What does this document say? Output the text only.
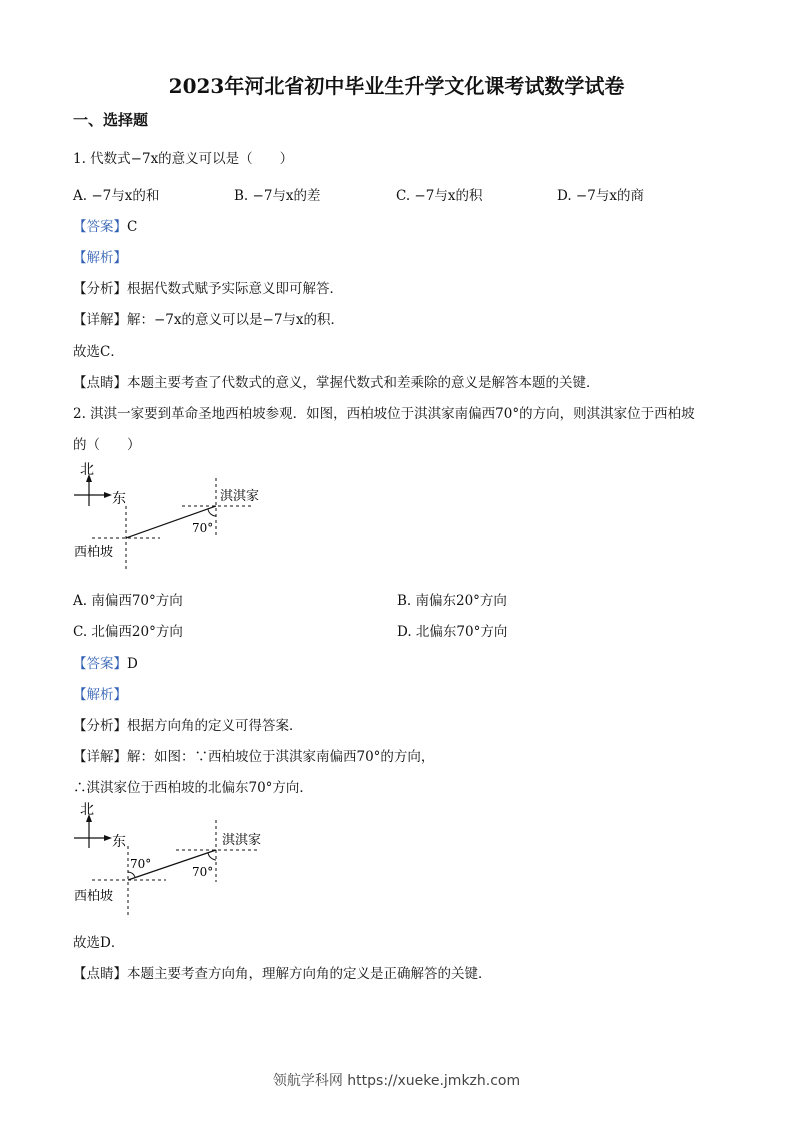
2023年河北省初中毕业生升学文化课考试数学试卷
一、选择题
1. 代数式−7x的意义可以是（　　）
A. −7与x的和	B. −7与x的差	C. −7与x的积	D. −7与x的商
【答案】C
【解析】
【分析】根据代数式赋予实际意义即可解答．
【详解】解：−7x的意义可以是−7与x的积．
故选C．
【点睛】本题主要考查了代数式的意义，掌握代数式和差乘除的意义是解答本题的关键．
2. 淇淇一家要到革命圣地西柏坡参观．如图，西柏坡位于淇淇家南偏西70°的方向，则淇淇家位于西柏坡
的（　　）
北
东	淇淇家
70°
西柏坡
A. 南偏西70°方向	B. 南偏东20°方向
C. 北偏西20°方向	D. 北偏东70°方向
【答案】D
【解析】
【分析】根据方向角的定义可得答案．
【详解】解：如图：∵西柏坡位于淇淇家南偏西70°的方向，
∴淇淇家位于西柏坡的北偏东70°方向．
北
东	淇淇家
70°
70°
西柏坡
故选D．
【点睛】本题主要考查方向角，理解方向角的定义是正确解答的关键．
领航学科网 https://xueke.jmkzh.com
